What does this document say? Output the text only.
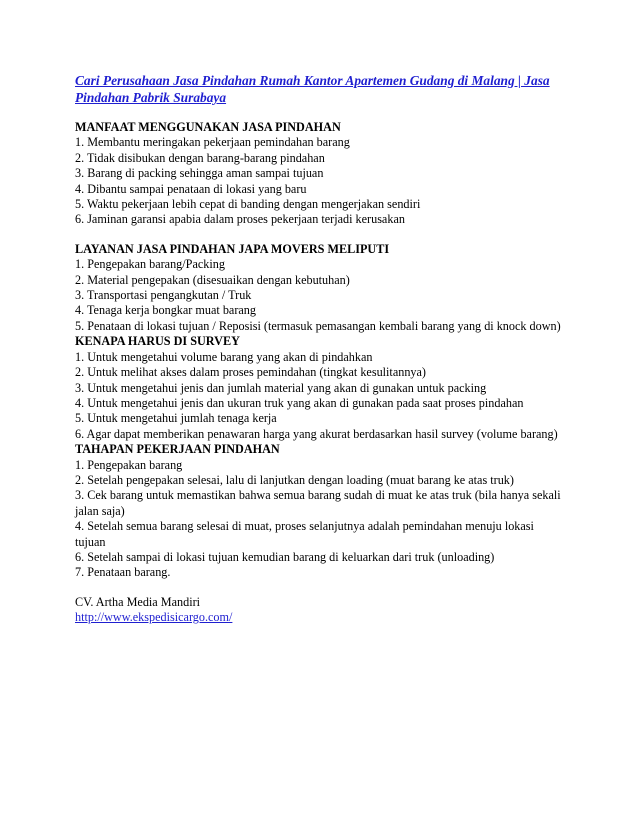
Cari Perusahaan Jasa Pindahan Rumah Kantor Apartemen Gudang di Malang | Jasa Pindahan Pabrik Surabaya
MANFAAT MENGGUNAKAN JASA PINDAHAN
1. Membantu meringakan pekerjaan pemindahan barang
2. Tidak disibukan dengan barang-barang pindahan
3. Barang di packing sehingga aman sampai tujuan
4. Dibantu sampai penataan di lokasi yang baru
5. Waktu pekerjaan lebih cepat di banding dengan mengerjakan sendiri
6. Jaminan garansi apabia dalam proses pekerjaan terjadi kerusakan
LAYANAN JASA PINDAHAN JAPA MOVERS MELIPUTI
1. Pengepakan barang/Packing
2. Material pengepakan (disesuaikan dengan kebutuhan)
3. Transportasi pengangkutan / Truk
4. Tenaga kerja bongkar muat barang
5. Penataan di lokasi tujuan / Reposisi (termasuk pemasangan kembali barang yang di knock down)
KENAPA HARUS DI SURVEY
1. Untuk mengetahui volume barang yang akan di pindahkan
2. Untuk melihat akses dalam proses pemindahan (tingkat kesulitannya)
3. Untuk mengetahui jenis dan jumlah material yang akan di gunakan untuk packing
4. Untuk mengetahui jenis dan ukuran truk yang akan di gunakan pada saat proses pindahan
5. Untuk mengetahui jumlah tenaga kerja
6. Agar dapat memberikan penawaran harga yang akurat berdasarkan hasil survey (volume barang)
TAHAPAN PEKERJAAN PINDAHAN
1. Pengepakan barang
2. Setelah pengepakan selesai, lalu di lanjutkan dengan loading (muat barang ke atas truk)
3. Cek barang untuk memastikan bahwa semua barang sudah di muat ke atas truk (bila hanya sekali jalan saja)
4. Setelah semua barang selesai di muat, proses selanjutnya adalah pemindahan menuju lokasi tujuan
6. Setelah sampai di lokasi tujuan kemudian barang di keluarkan dari truk (unloading)
7. Penataan barang.
CV. Artha Media Mandiri
http://www.ekspedisicargo.com/
